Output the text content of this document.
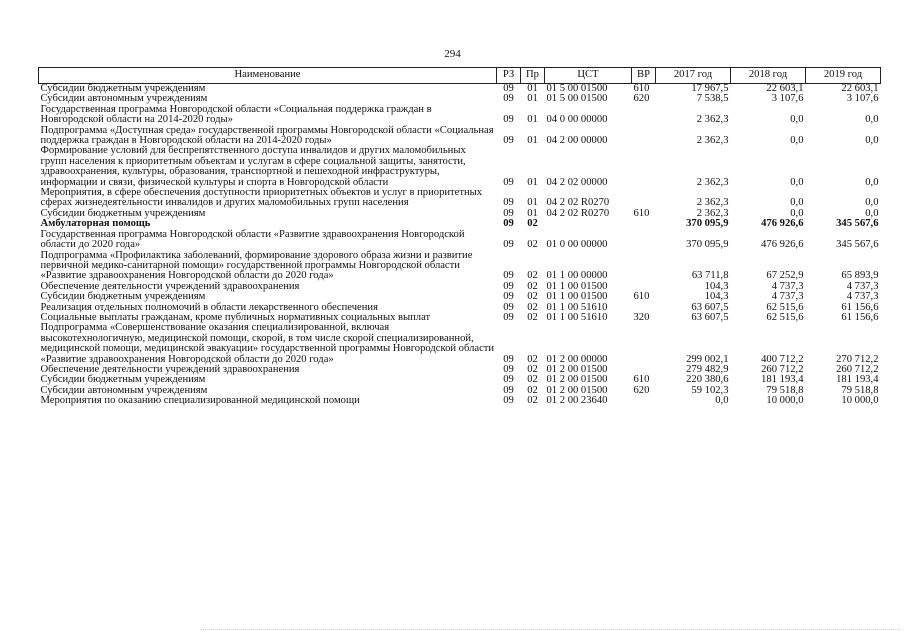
294
Наименование	РЗ	Пр	ЦСТ	ВР	2017 год	2018 год	2019 год
Субсидии бюджетным учреждениям	09	01	01 5 00 01500	610	17 967,5	22 603,1	22 603,1
Субсидии автономным учреждениям	09	01	01 5 00 01500	620	7 538,5	3 107,6	3 107,6
Государственная программа Новгородской области «Социальная поддержка граждан в Новгородской области на 2014-2020 годы»	09	01	04 0 00 00000		2 362,3	0,0	0,0
Подпрограмма «Доступная среда» государственной программы Новгородской области «Социальная поддержка граждан в Новгородской области на 2014-2020 годы»	09	01	04 2 00 00000		2 362,3	0,0	0,0
Формирование условий для беспрепятственного доступа инвалидов и других маломобильных групп населения к приоритетным объектам и услугам в сфере социальной защиты, занятости, здравоохранения, культуры, образования, транспортной и пешеходной инфраструктуры, информации и связи, физической культуры и спорта в Новгородской области	09	01	04 2 02 00000		2 362,3	0,0	0,0
Мероприятия, в сфере обеспечения доступности приоритетных объектов и услуг в приоритетных сферах жизнедеятельности инвалидов и других маломобильных групп населения	09	01	04 2 02 R0270		2 362,3	0,0	0,0
Субсидии бюджетным учреждениям	09	01	04 2 02 R0270	610	2 362,3	0,0	0,0
Амбулаторная помощь	09	02			370 095,9	476 926,6	345 567,6
Государственная программа Новгородской области «Развитие здравоохранения Новгородской области до 2020 года»	09	02	01 0 00 00000		370 095,9	476 926,6	345 567,6
Подпрограмма «Профилактика заболеваний, формирование здорового образа жизни и развитие первичной медико-санитарной помощи» государственной программы Новгородской области «Развитие здравоохранения Новгородской области до 2020 года»	09	02	01 1 00 00000		63 711,8	67 252,9	65 893,9
Обеспечение деятельности учреждений здравоохранения	09	02	01 1 00 01500		104,3	4 737,3	4 737,3
Субсидии бюджетным учреждениям	09	02	01 1 00 01500	610	104,3	4 737,3	4 737,3
Реализация отдельных полномочий в области лекарственного обеспечения	09	02	01 1 00 51610		63 607,5	62 515,6	61 156,6
Социальные выплаты гражданам, кроме публичных нормативных социальных выплат	09	02	01 1 00 51610	320	63 607,5	62 515,6	61 156,6
Подпрограмма «Совершенствование оказания специализированной, включая высокотехнологичную, медицинской помощи, скорой, в том числе скорой специализированной, медицинской помощи, медицинской эвакуации» государственной программы Новгородской области «Развитие здравоохранения Новгородской области до 2020 года»	09	02	01 2 00 00000		299 002,1	400 712,2	270 712,2
Обеспечение деятельности учреждений здравоохранения	09	02	01 2 00 01500		279 482,9	260 712,2	260 712,2
Субсидии бюджетным учреждениям	09	02	01 2 00 01500	610	220 380,6	181 193,4	181 193,4
Субсидии автономным учреждениям	09	02	01 2 00 01500	620	59 102,3	79 518,8	79 518,8
Мероприятия по оказанию специализированной медицинской помощи	09	02	01 2 00 23640		0,0	10 000,0	10 000,0
